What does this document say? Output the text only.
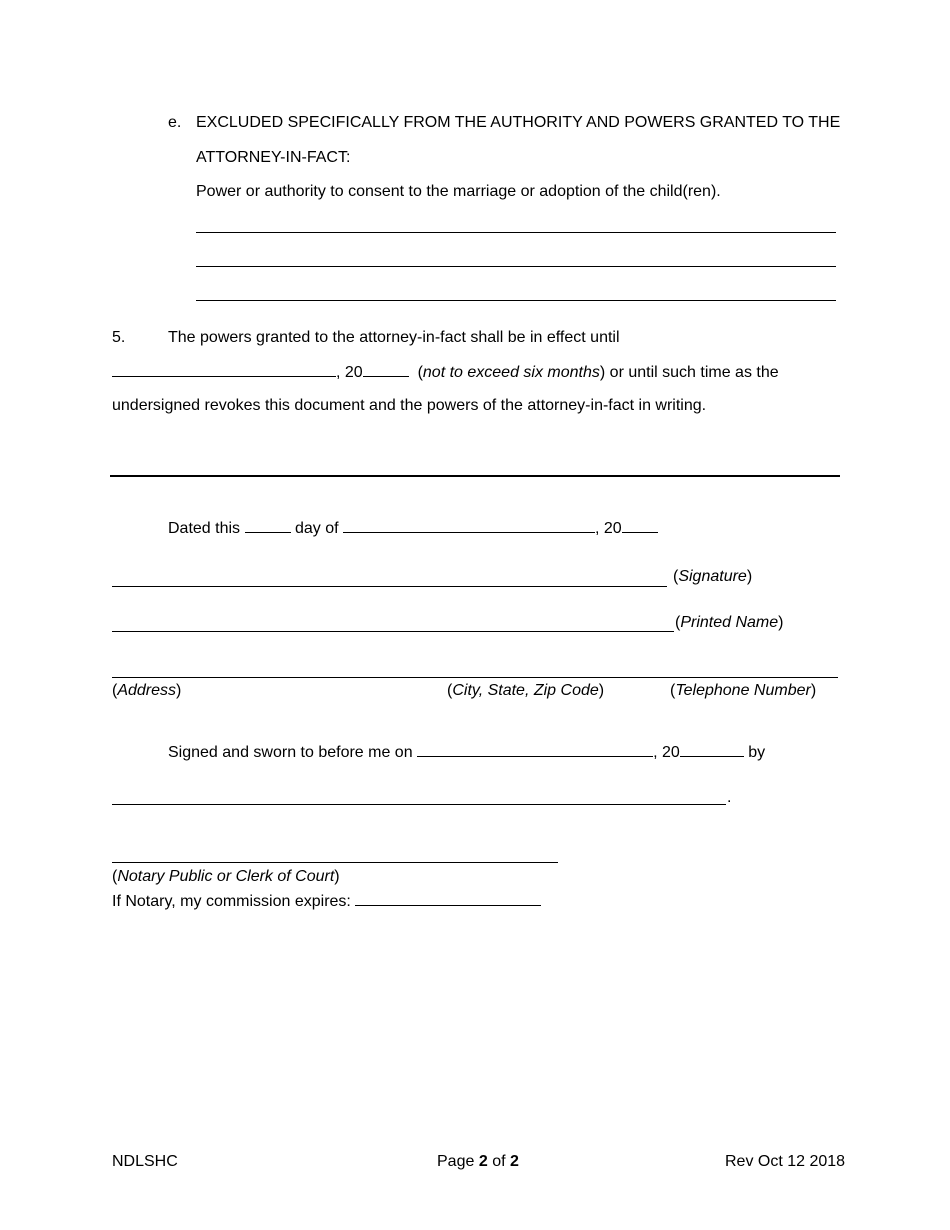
e. EXCLUDED SPECIFICALLY FROM THE AUTHORITY AND POWERS GRANTED TO THE
ATTORNEY-IN-FACT:
Power or authority to consent to the marriage or adoption of the child(ren).
5.	The powers granted to the attorney-in-fact shall be in effect until
, 20	(not to exceed six months) or until such time as the
undersigned revokes this document and the powers of the attorney-in-fact in writing.
Dated this	day of	, 20
(Signature)
(Printed Name)
(Address)	(City, State, Zip Code)	(Telephone Number)
Signed and sworn to before me on	, 20	by
.
(Notary Public or Clerk of Court)
If Notary, my commission expires:
NDLSHC	Page 2 of 2	Rev Oct 12 2018
